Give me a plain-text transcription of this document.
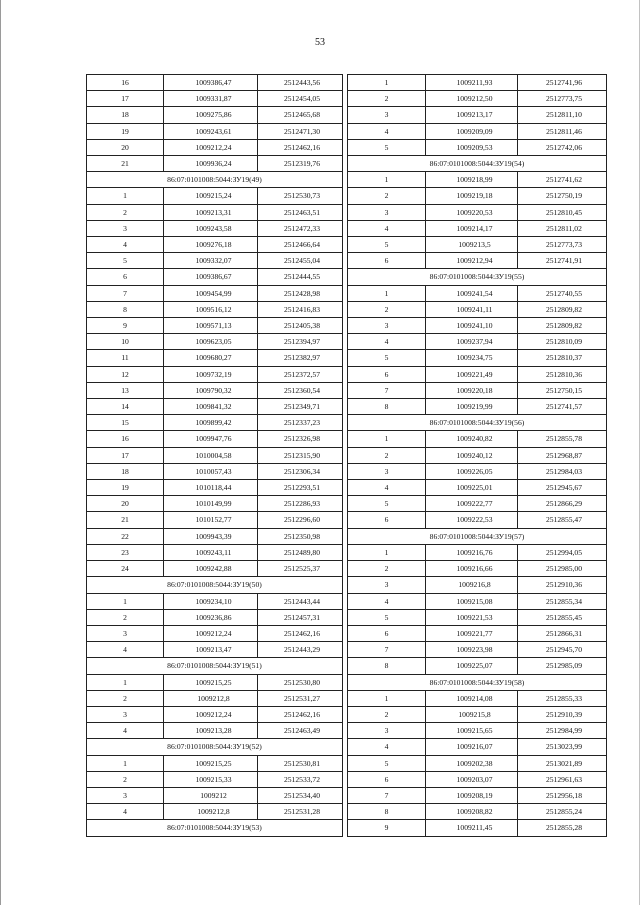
53
16	1009386,47	2512443,56
17	1009331,87	2512454,05
18	1009275,86	2512465,68
19	1009243,61	2512471,30
20	1009212,24	2512462,16
21	1009936,24	2512319,76
86:07:0101008:5044:ЗУ19(49)		
1	1009215,24	2512530,73
2	1009213,31	2512463,51
3	1009243,58	2512472,33
4	1009276,18	2512466,64
5	1009332,07	2512455,04
6	1009386,67	2512444,55
7	1009454,99	2512428,98
8	1009516,12	2512416,83
9	1009571,13	2512405,38
10	1009623,05	2512394,97
11	1009680,27	2512382,97
12	1009732,19	2512372,57
13	1009790,32	2512360,54
14	1009841,32	2512349,71
15	1009899,42	2512337,23
16	1009947,76	2512326,98
17	1010004,58	2512315,90
18	1010057,43	2512306,34
19	1010118,44	2512293,51
20	1010149,99	2512286,93
21	1010152,77	2512296,60
22	1009943,39	2512350,98
23	1009243,11	2512489,80
24	1009242,88	2512525,37
86:07:0101008:5044:ЗУ19(50)		
1	1009234,10	2512443,44
2	1009236,86	2512457,31
3	1009212,24	2512462,16
4	1009213,47	2512443,29
86:07:0101008:5044:ЗУ19(51)		
1	1009215,25	2512530,80
2	1009212,8	2512531,27
3	1009212,24	2512462,16
4	1009213,28	2512463,49
86:07:0101008:5044:ЗУ19(52)		
1	1009215,25	2512530,81
2	1009215,33	2512533,72
3	1009212	2512534,40
4	1009212,8	2512531,28
86:07:0101008:5044:ЗУ19(53)		
1	1009211,93	2512741,96
2	1009212,50	2512773,75
3	1009213,17	2512811,10
4	1009209,09	2512811,46
5	1009209,53	2512742,06
86:07:0101008:5044:ЗУ19(54)		
1	1009218,99	2512741,62
2	1009219,18	2512750,19
3	1009220,53	2512810,45
4	1009214,17	2512811,02
5	1009213,5	2512773,73
6	1009212,94	2512741,91
86:07:0101008:5044:ЗУ19(55)		
1	1009241,54	2512740,55
2	1009241,11	2512809,82
3	1009241,10	2512809,82
4	1009237,94	2512810,09
5	1009234,75	2512810,37
6	1009221,49	2512810,36
7	1009220,18	2512750,15
8	1009219,99	2512741,57
86:07:0101008:5044:ЗУ19(56)		
1	1009240,82	2512855,78
2	1009240,12	2512968,87
3	1009226,05	2512984,03
4	1009225,01	2512945,67
5	1009222,77	2512866,29
6	1009222,53	2512855,47
86:07:0101008:5044:ЗУ19(57)		
1	1009216,76	2512994,05
2	1009216,66	2512985,00
3	1009216,8	2512910,36
4	1009215,08	2512855,34
5	1009221,53	2512855,45
6	1009221,77	2512866,31
7	1009223,98	2512945,70
8	1009225,07	2512985,09
86:07:0101008:5044:ЗУ19(58)		
1	1009214,08	2512855,33
2	1009215,8	2512910,39
3	1009215,65	2512984,99
4	1009216,07	2513023,99
5	1009202,38	2513021,89
6	1009203,07	2512961,63
7	1009208,19	2512956,18
8	1009208,82	2512855,24
9	1009211,45	2512855,28
